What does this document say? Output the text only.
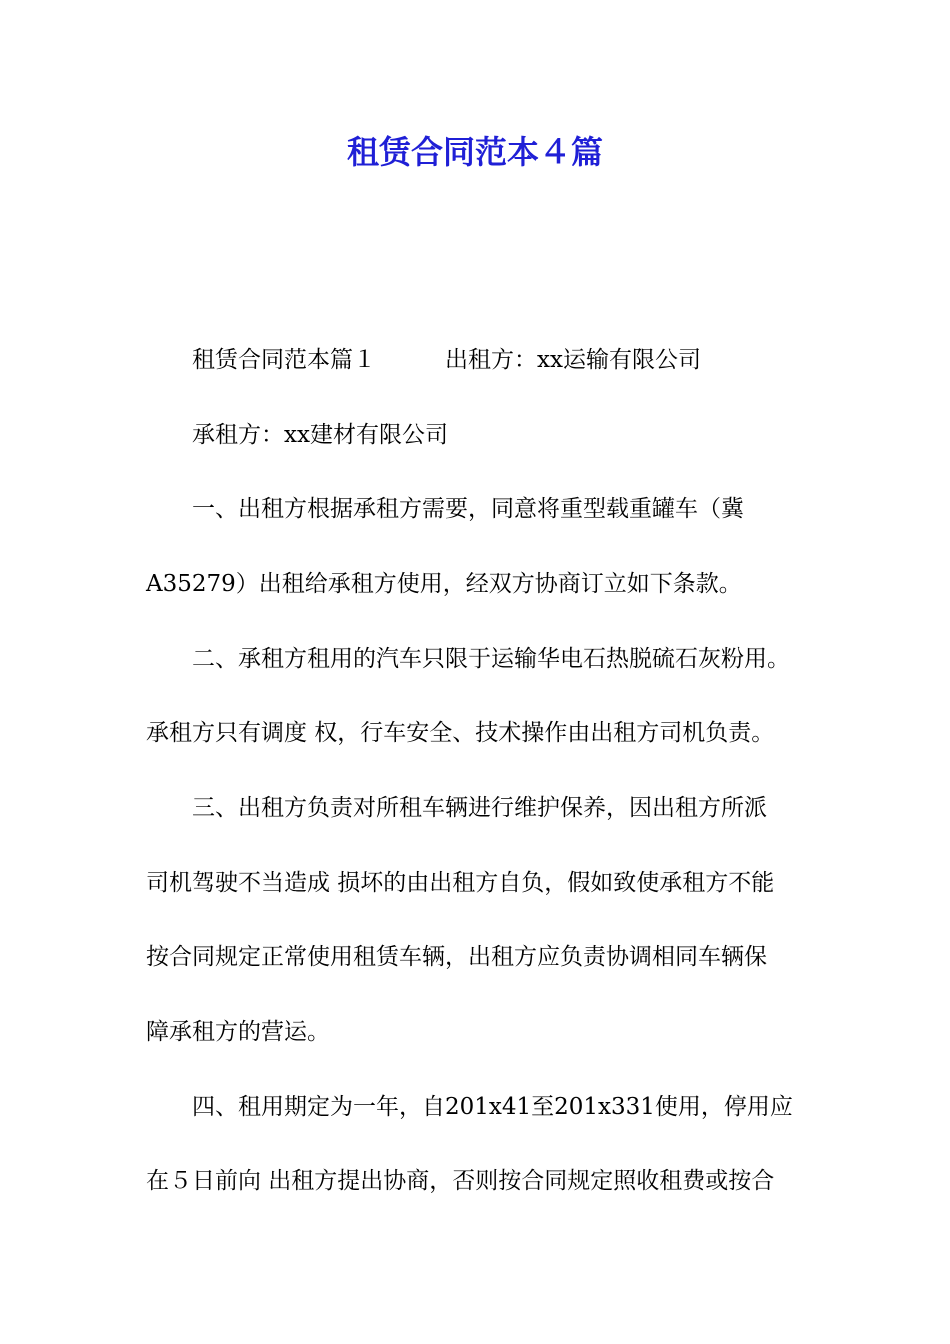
租赁合同范本４篇
租赁合同范本篇１　　　出租方：xx运输有限公司
承租方：xx建材有限公司
一、出租方根据承租方需要，同意将重型载重罐车（冀
A35279）出租给承租方使用，经双方协商订立如下条款。
二、承租方租用的汽车只限于运输华电石热脱硫石灰粉用。
承租方只有调度 权，行车安全、技术操作由出租方司机负责。
三、出租方负责对所租车辆进行维护保养，因出租方所派
司机驾驶不当造成 损坏的由出租方自负，假如致使承租方不能
按合同规定正常使用租赁车辆，出租方应负责协调相同车辆保
障承租方的营运。
四、租用期定为一年，自201x41至201x331使用，停用应
在５日前向 出租方提出协商，否则按合同规定照收租费或按合
